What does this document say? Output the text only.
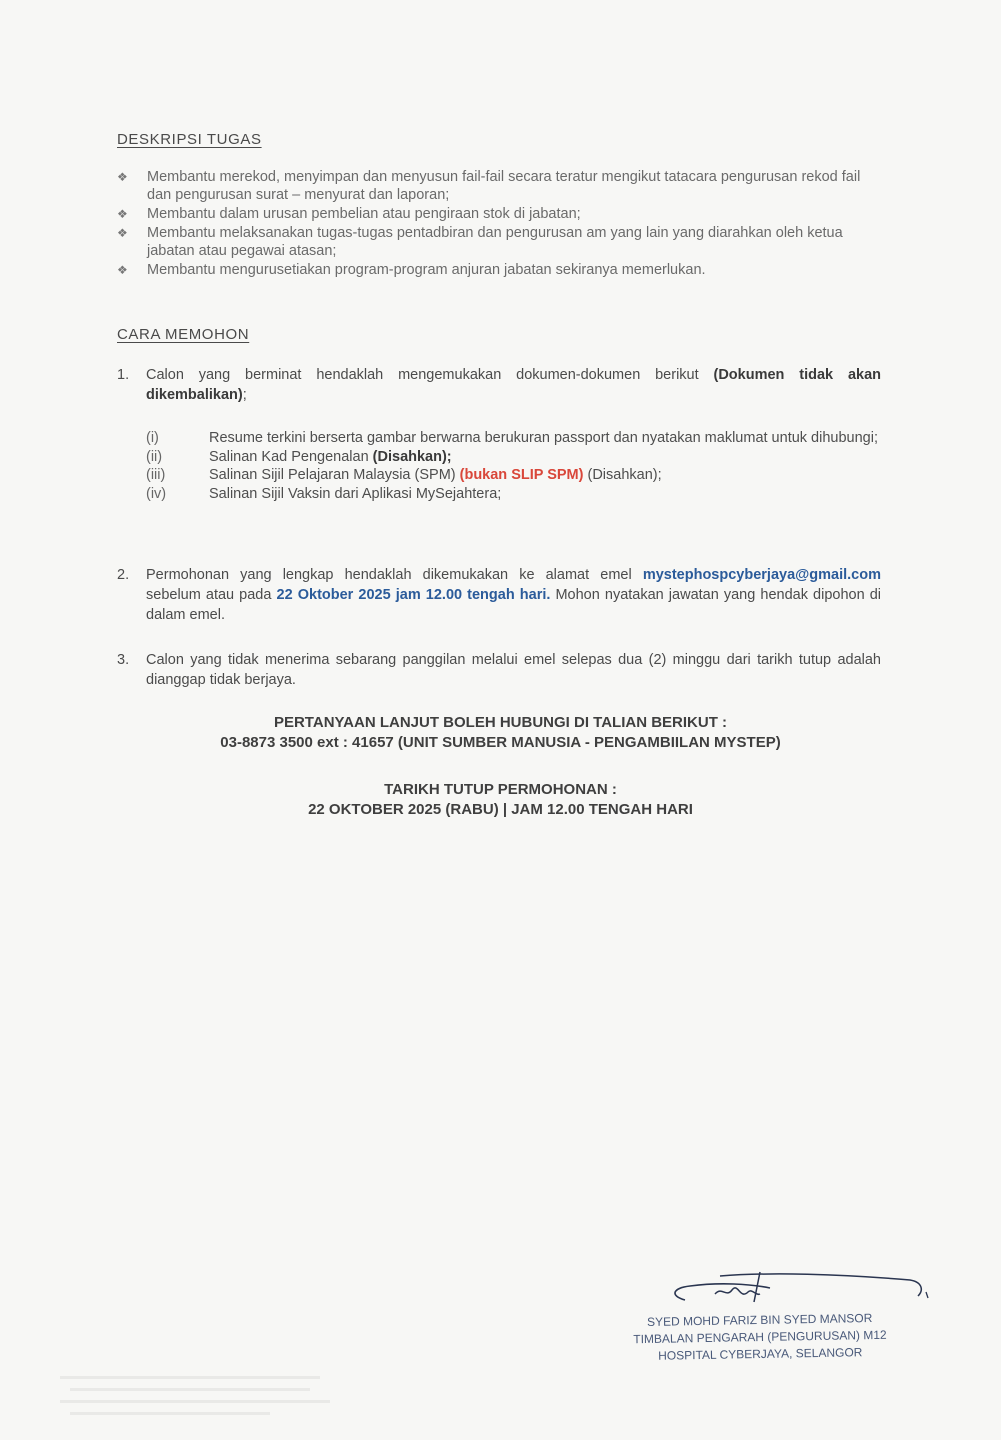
DESKRIPSI TUGAS
❖	Membantu merekod, menyimpan dan menyusun fail-fail secara teratur mengikut tatacara pengurusan rekod fail dan pengurusan surat – menyurat dan laporan;
❖	Membantu dalam urusan pembelian atau pengiraan stok di jabatan;
❖	Membantu melaksanakan tugas-tugas pentadbiran dan pengurusan am yang lain yang diarahkan oleh ketua jabatan atau pegawai atasan;
❖	Membantu mengurusetiakan program-program anjuran jabatan sekiranya memerlukan.
CARA MEMOHON
1. Calon yang berminat hendaklah mengemukakan dokumen-dokumen berikut (Dokumen tidak akan dikembalikan);
(i)	Resume terkini berserta gambar berwarna berukuran passport dan nyatakan maklumat untuk dihubungi;
(ii)	Salinan Kad Pengenalan (Disahkan);
(iii)	Salinan Sijil Pelajaran Malaysia (SPM) (bukan SLIP SPM) (Disahkan);
(iv)	Salinan Sijil Vaksin dari Aplikasi MySejahtera;
2. Permohonan yang lengkap hendaklah dikemukakan ke alamat emel mystephospcyberjaya@gmail.com sebelum atau pada 22 Oktober 2025 jam 12.00 tengah hari. Mohon nyatakan jawatan yang hendak dipohon di dalam emel.
3. Calon yang tidak menerima sebarang panggilan melalui emel selepas dua (2) minggu dari tarikh tutup adalah dianggap tidak berjaya.
PERTANYAAN LANJUT BOLEH HUBUNGI DI TALIAN BERIKUT :
03-8873 3500 ext : 41657 (UNIT SUMBER MANUSIA - PENGAMBIILAN MYSTEP)
TARIKH TUTUP PERMOHONAN :
22 OKTOBER 2025 (RABU) | JAM 12.00 TENGAH HARI
SYED MOHD FARIZ BIN SYED MANSOR
TIMBALAN PENGARAH (PENGURUSAN) M12
HOSPITAL CYBERJAYA, SELANGOR
